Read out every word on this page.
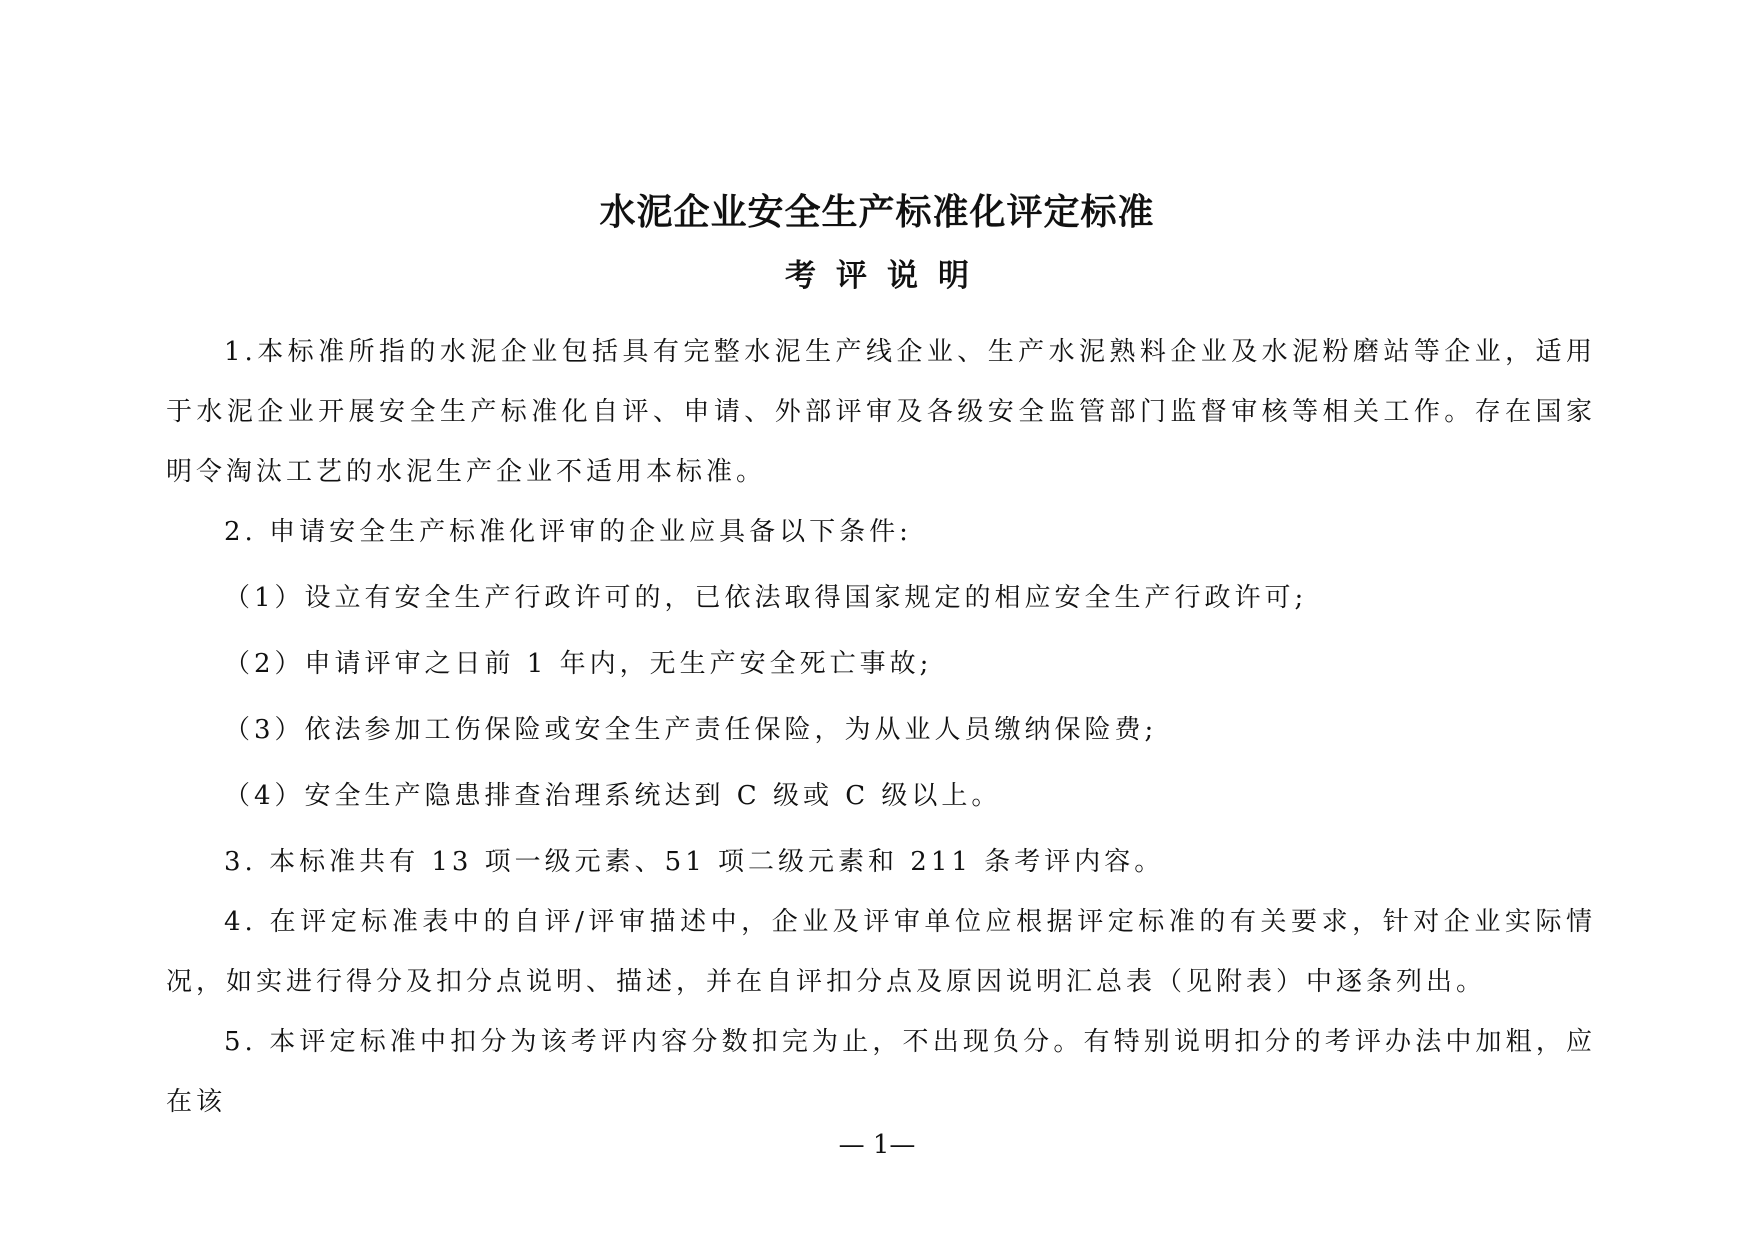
水泥企业安全生产标准化评定标准
考评说明

1.本标准所指的水泥企业包括具有完整水泥生产线企业、生产水泥熟料企业及水泥粉磨站等企业，适用于水泥企业开展安全生产标准化自评、申请、外部评审及各级安全监管部门监督审核等相关工作。存在国家明令淘汰工艺的水泥生产企业不适用本标准。

2. 申请安全生产标准化评审的企业应具备以下条件:

（1）设立有安全生产行政许可的，已依法取得国家规定的相应安全生产行政许可;

（2）申请评审之日前 1 年内，无生产安全死亡事故;

（3）依法参加工伤保险或安全生产责任保险，为从业人员缴纳保险费;

（4）安全生产隐患排查治理系统达到 C 级或 C 级以上。

3. 本标准共有 13 项一级元素、51 项二级元素和 211 条考评内容。

4. 在评定标准表中的自评/评审描述中，企业及评审单位应根据评定标准的有关要求，针对企业实际情况，如实进行得分及扣分点说明、描述，并在自评扣分点及原因说明汇总表（见附表）中逐条列出。

5. 本评定标准中扣分为该考评内容分数扣完为止，不出现负分。有特别说明扣分的考评办法中加粗，应在该

— 1—
